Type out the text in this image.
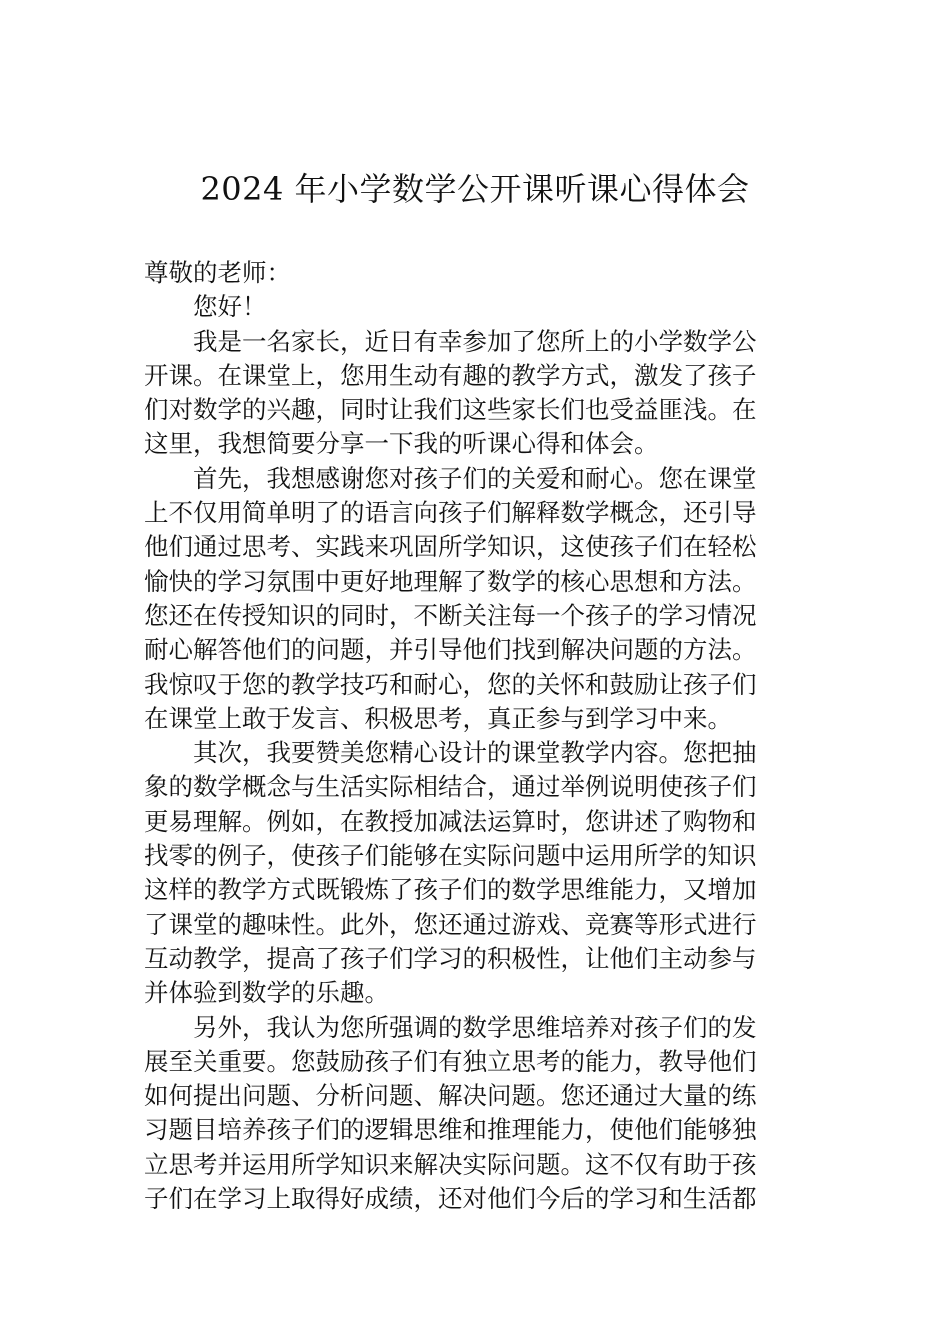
2024 年小学数学公开课听课心得体会
尊敬的老师：
您好！
我是一名家长，近日有幸参加了您所上的小学数学公
开课。在课堂上，您用生动有趣的教学方式，激发了孩子
们对数学的兴趣，同时让我们这些家长们也受益匪浅。在
这里，我想简要分享一下我的听课心得和体会。
首先，我想感谢您对孩子们的关爱和耐心。您在课堂
上不仅用简单明了的语言向孩子们解释数学概念，还引导
他们通过思考、实践来巩固所学知识，这使孩子们在轻松
愉快的学习氛围中更好地理解了数学的核心思想和方法。
您还在传授知识的同时，不断关注每一个孩子的学习情况
耐心解答他们的问题，并引导他们找到解决问题的方法。
我惊叹于您的教学技巧和耐心，您的关怀和鼓励让孩子们
在课堂上敢于发言、积极思考，真正参与到学习中来。
其次，我要赞美您精心设计的课堂教学内容。您把抽
象的数学概念与生活实际相结合，通过举例说明使孩子们
更易理解。例如，在教授加减法运算时，您讲述了购物和
找零的例子，使孩子们能够在实际问题中运用所学的知识
这样的教学方式既锻炼了孩子们的数学思维能力，又增加
了课堂的趣味性。此外，您还通过游戏、竞赛等形式进行
互动教学，提高了孩子们学习的积极性，让他们主动参与
并体验到数学的乐趣。
另外，我认为您所强调的数学思维培养对孩子们的发
展至关重要。您鼓励孩子们有独立思考的能力，教导他们
如何提出问题、分析问题、解决问题。您还通过大量的练
习题目培养孩子们的逻辑思维和推理能力，使他们能够独
立思考并运用所学知识来解决实际问题。这不仅有助于孩
子们在学习上取得好成绩，还对他们今后的学习和生活都
